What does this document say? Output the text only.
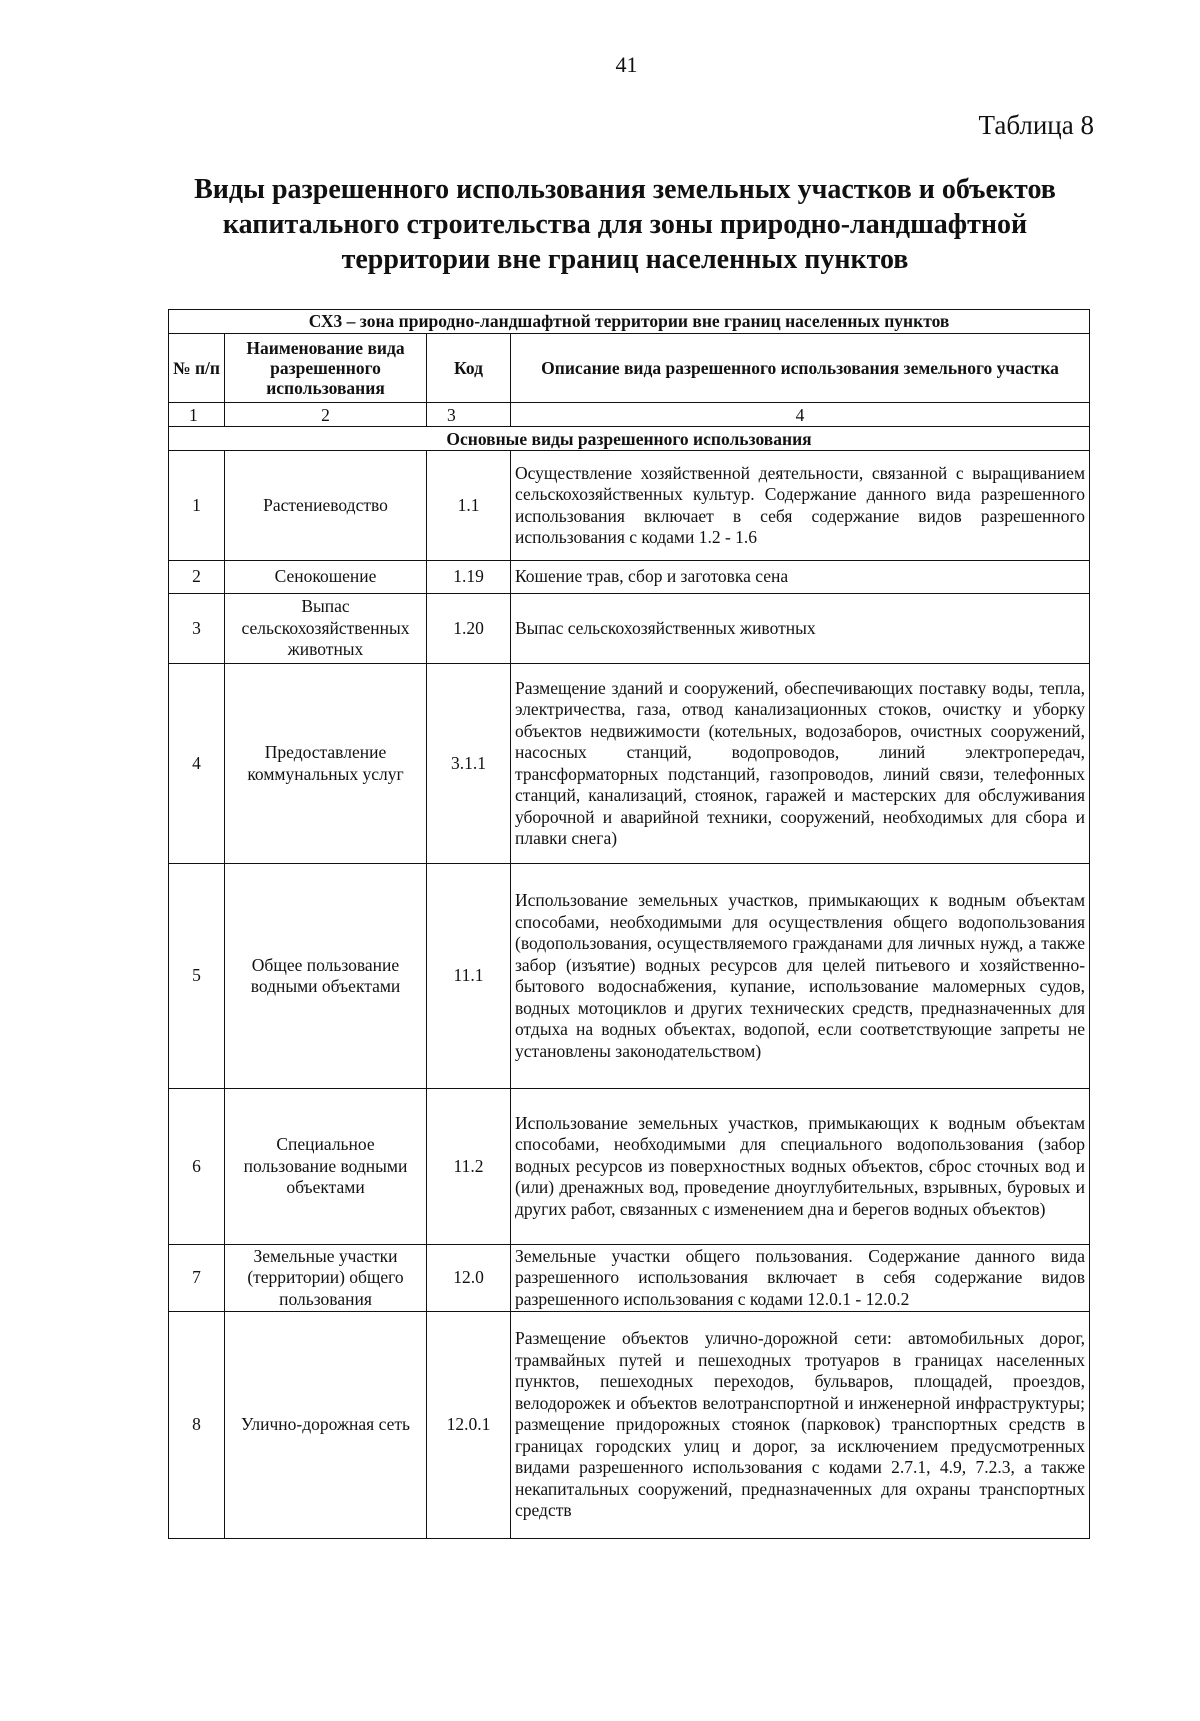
41
Таблица 8
Виды разрешенного использования земельных участков и объектов
капитального строительства для зоны природно-ландшафтной
территории вне границ населенных пунктов
СХ3 – зона природно-ландшафтной территории вне границ населенных пунктов			
№ п/п	Наименование вида разрешенного использования	Код	Описание вида разрешенного использования земельного участка
1	2	3	4
Основные виды разрешенного использования			
1	Растениеводство	1.1	Осуществление хозяйственной деятельности, связанной с выращиванием сельскохозяйственных культур. Содержание данного вида разрешенного использования включает в себя содержание видов разрешенного использования с кодами 1.2 - 1.6
2	Сенокошение	1.19	Кошение трав, сбор и заготовка сена
3	Выпас сельскохозяйственных животных	1.20	Выпас сельскохозяйственных животных
4	Предоставление коммунальных услуг	3.1.1	Размещение зданий и сооружений, обеспечивающих поставку воды, тепла, электричества, газа, отвод канализационных стоков, очистку и уборку объектов недвижимости (котельных, водозаборов, очистных сооружений, насосных станций, водопроводов, линий электропередач, трансформаторных подстанций, газопроводов, линий связи, телефонных станций, канализаций, стоянок, гаражей и мастерских для обслуживания уборочной и аварийной техники, сооружений, необходимых для сбора и плавки снега)
5	Общее пользование водными объектами	11.1	Использование земельных участков, примыкающих к водным объектам способами, необходимыми для осуществления общего водопользования (водопользования, осуществляемого гражданами для личных нужд, а также забор (изъятие) водных ресурсов для целей питьевого и хозяйственно-бытового водоснабжения, купание, использование маломерных судов, водных мотоциклов и других технических средств, предназначенных для отдыха на водных объектах, водопой, если соответствующие запреты не установлены законодательством)
6	Специальное пользование водными объектами	11.2	Использование земельных участков, примыкающих к водным объектам способами, необходимыми для специального водопользования (забор водных ресурсов из поверхностных водных объектов, сброс сточных вод и (или) дренажных вод, проведение дноуглубительных, взрывных, буровых и других работ, связанных с изменением дна и берегов водных объектов)
7	Земельные участки (территории) общего пользования	12.0	Земельные участки общего пользования. Содержание данного вида разрешенного использования включает в себя содержание видов разрешенного использования с кодами 12.0.1 - 12.0.2
8	Улично-дорожная сеть	12.0.1	Размещение объектов улично-дорожной сети: автомобильных дорог, трамвайных путей и пешеходных тротуаров в границах населенных пунктов, пешеходных переходов, бульваров, площадей, проездов, велодорожек и объектов велотранспортной и инженерной инфраструктуры; размещение придорожных стоянок (парковок) транспортных средств в границах городских улиц и дорог, за исключением предусмотренных видами разрешенного использования с кодами 2.7.1, 4.9, 7.2.3, а также некапитальных сооружений, предназначенных для охраны транспортных средств
